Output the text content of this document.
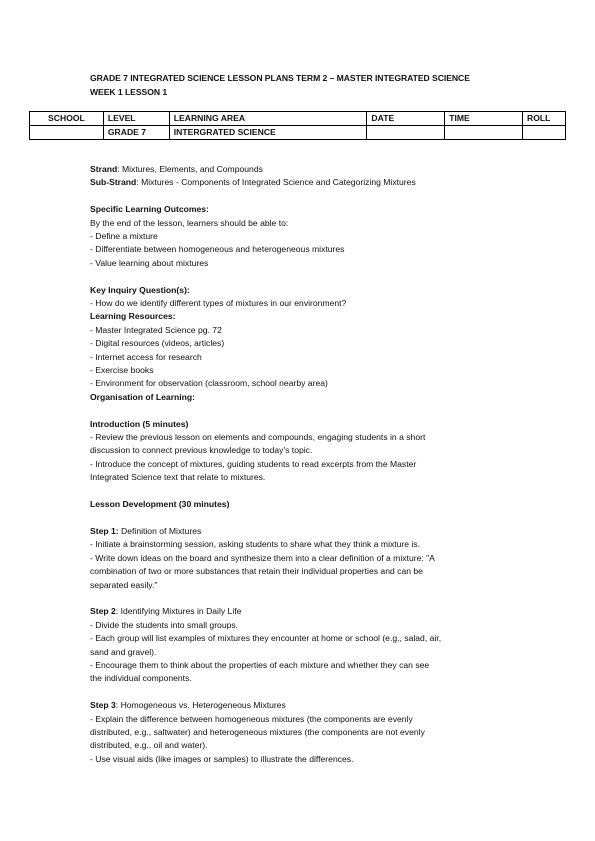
GRADE 7 INTEGRATED SCIENCE LESSON PLANS TERM 2 – MASTER INTEGRATED SCIENCE
WEEK 1 LESSON 1
SCHOOL	LEVEL	LEARNING AREA	DATE	TIME	ROLL
	GRADE 7	INTERGRATED SCIENCE			

Strand: Mixtures, Elements, and Compounds

Sub-Strand: Mixtures - Components of Integrated Science and Categorizing Mixtures

Specific Learning Outcomes:

By the end of the lesson, learners should be able to:

- Define a mixture

- Differentiate between homogeneous and heterogeneous mixtures

- Value learning about mixtures

Key Inquiry Question(s):

- How do we identify different types of mixtures in our environment?

Learning Resources:

- Master Integrated Science pg. 72

- Digital resources (videos, articles)

- Internet access for research

- Exercise books

- Environment for observation (classroom, school nearby area)

Organisation of Learning:

Introduction (5 minutes)

- Review the previous lesson on elements and compounds, engaging students in a short

discussion to connect previous knowledge to today's topic.

- Introduce the concept of mixtures, guiding students to read excerpts from the Master

Integrated Science text that relate to mixtures.

Lesson Development (30 minutes)

Step 1: Definition of Mixtures

- Initiate a brainstorming session, asking students to share what they think a mixture is.

- Write down ideas on the board and synthesize them into a clear definition of a mixture: "A

combination of two or more substances that retain their individual properties and can be

separated easily."

Step 2: Identifying Mixtures in Daily Life

- Divide the students into small groups.

- Each group will list examples of mixtures they encounter at home or school (e.g., salad, air,

sand and gravel).

- Encourage them to think about the properties of each mixture and whether they can see

the individual components.

Step 3: Homogeneous vs. Heterogeneous Mixtures

- Explain the difference between homogeneous mixtures (the components are evenly

distributed, e.g., saltwater) and heterogeneous mixtures (the components are not evenly

distributed, e.g., oil and water).

- Use visual aids (like images or samples) to illustrate the differences.
